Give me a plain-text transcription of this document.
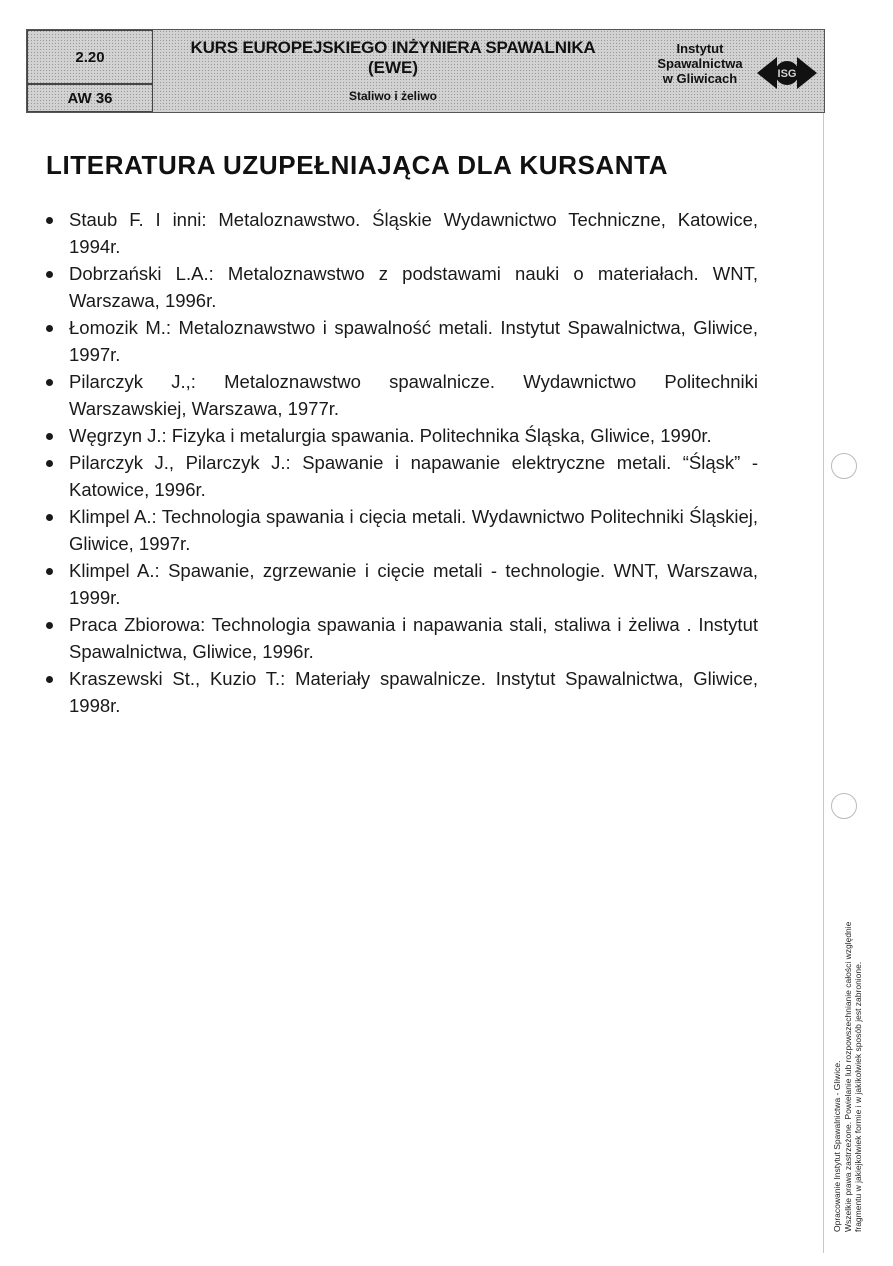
2.20
AW 36
KURS EUROPEJSKIEGO INŻYNIERA SPAWALNIKA
(EWE)
Staliwo i żeliwo
Instytut
Spawalnictwa
w Gliwicach	ISG
LITERATURA UZUPEŁNIAJĄCA DLA KURSANTA
Staub F. I inni: Metaloznawstwo. Śląskie Wydawnictwo Techniczne, Katowice, 1994r.
Dobrzański L.A.: Metaloznawstwo z podstawami nauki o materiałach. WNT, Warszawa, 1996r.
Łomozik M.: Metaloznawstwo i spawalność metali. Instytut Spawalnictwa, Gliwice, 1997r.
Pilarczyk J.,: Metaloznawstwo spawalnicze. Wydawnictwo Politechniki Warszawskiej, Warszawa, 1977r.
Węgrzyn J.: Fizyka i metalurgia spawania. Politechnika Śląska, Gliwice, 1990r.
Pilarczyk J., Pilarczyk J.: Spawanie i napawanie elektryczne metali. “Śląsk” - Katowice, 1996r.
Klimpel A.: Technologia spawania i cięcia metali. Wydawnictwo Politechniki Śląskiej, Gliwice, 1997r.
Klimpel A.: Spawanie, zgrzewanie i cięcie metali - technologie. WNT, Warszawa, 1999r.
Praca Zbiorowa: Technologia spawania i napawania stali, staliwa i żeliwa . Instytut Spawalnictwa, Gliwice, 1996r.
Kraszewski St., Kuzio T.: Materiały spawalnicze. Instytut Spawalnictwa, Gliwice, 1998r.
Opracowanie Instytut Spawalnictwa - Gliwice. Wszelkie prawa zastrzeżone. Powielanie lub rozpowszechnianie całości względnie fragmentu w jakiejkolwiek formie i w jakikolwiek sposób jest zabronione.
